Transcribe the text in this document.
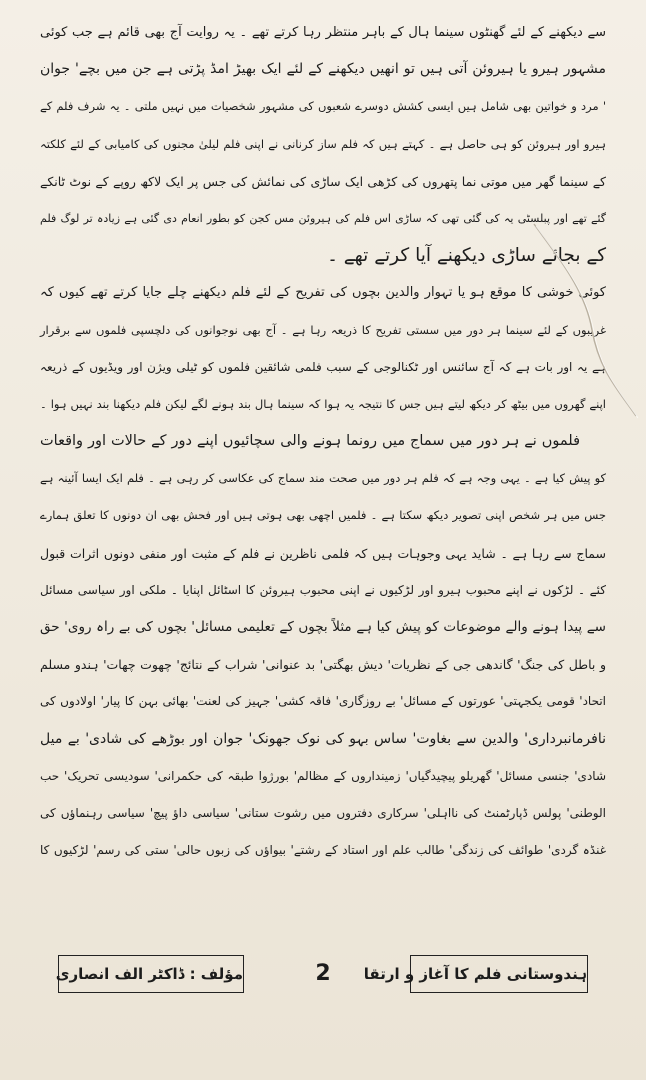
سے دیکھنے کے لئے گھنٹوں سینما ہال کے باہر منتظر رہا کرتے تھے ۔ یہ روایت آج بھی قائم ہے جب کوئی
مشہور ہیرو یا ہیروئن آتی ہیں تو انھیں دیکھنے کے لئے ایک بھیڑ امڈ پڑتی ہے جن میں بچے' جوان
' مرد و خواتین بھی شامل ہیں ایسی کشش دوسرے شعبوں کی مشہور شخصیات میں نہیں ملتی ۔ یہ شرف فلم کے
ہیرو اور ہیروئن کو ہی حاصل ہے ۔ کہتے ہیں کہ فلم ساز کرنانی نے اپنی فلم لیلیٰ مجنوں کی کامیابی کے لئے کلکتہ
کے سینما گھر میں موتی نما پتھروں کی کڑھی ایک ساڑی کی نمائش کی جس پر ایک لاکھ روپے کے نوٹ ٹانکے
گئے تھے اور پبلسٹی یہ کی گئی تھی کہ ساڑی اس فلم کی ہیروئن مس کجن کو بطور انعام دی گئی ہے زیادہ تر لوگ فلم
کے بجائے ساڑی دیکھنے آیا کرتے تھے ۔
کوئی خوشی کا موقع ہو یا تہوار والدین بچوں کی تفریح کے لئے فلم دیکھنے چلے جایا کرتے تھے کیوں کہ
غریبوں کے لئے سینما ہر دور میں سستی تفریح کا ذریعہ رہا ہے ۔ آج بھی نوجوانوں کی دلچسپی فلموں سے برقرار
ہے یہ اور بات ہے کہ آج سائنس اور ٹکنالوجی کے سبب فلمی شائقین فلموں کو ٹیلی ویژن اور ویڈیوں کے ذریعہ
اپنے گھروں میں بیٹھ کر دیکھ لیتے ہیں جس کا نتیجہ یہ ہوا کہ سینما ہال بند ہونے لگے لیکن فلم دیکھنا بند نہیں ہوا ۔
فلموں نے ہر دور میں سماج میں رونما ہونے والی سچائیوں اپنے دور کے حالات اور واقعات
کو پیش کیا ہے ۔ یہی وجہ ہے کہ فلم ہر دور میں صحت مند سماج کی عکاسی کر رہی ہے ۔ فلم ایک ایسا آئینہ ہے
جس میں ہر شخص اپنی تصویر دیکھ سکتا ہے ۔ فلمیں اچھی بھی ہوتی ہیں اور فحش بھی ان دونوں کا تعلق ہمارے
سماج سے رہا ہے ۔ شاید یہی وجوہات ہیں کہ فلمی ناظرین نے فلم کے مثبت اور منفی دونوں اثرات قبول
کئے ۔ لڑکوں نے اپنے محبوب ہیرو اور لڑکیوں نے اپنی محبوب ہیروئن کا اسٹائل اپنایا ۔ ملکی اور سیاسی مسائل
سے پیدا ہونے والے موضوعات کو پیش کیا ہے مثلاً بچوں کے تعلیمی مسائل' بچوں کی بے راہ روی' حق
و باطل کی جنگ' گاندھی جی کے نظریات' دیش بھگتی' بد عنوانی' شراب کے نتائج' چھوت چھات' ہندو مسلم
اتحاد' قومی یکجہتی' عورتوں کے مسائل' بے روزگاری' فاقہ کشی' جہیز کی لعنت' بھائی بہن کا پیار' اولادوں کی
نافرمانبرداری' والدین سے بغاوت' ساس بہو کی نوک جھونک' جوان اور بوڑھے کی شادی' بے میل
شادی' جنسی مسائل' گھریلو پیچیدگیاں' زمینداروں کے مظالم' بورژوا طبقہ کی حکمرانی' سودیسی تحریک' حب
الوطنی' پولس ڈپارٹمنٹ کی نااہلی' سرکاری دفتروں میں رشوت ستانی' سیاسی داؤ پیچ' سیاسی رہنماؤں کی
غنڈہ گردی' طوائف کی زندگی' طالب علم اور استاد کے رشتے' بیواؤں کی زبوں حالی' ستی کی رسم' لڑکیوں کا
ہندوستانی فلم کا آغاز و ارتقا
2
مؤلف : ڈاکٹر الف انصاری
